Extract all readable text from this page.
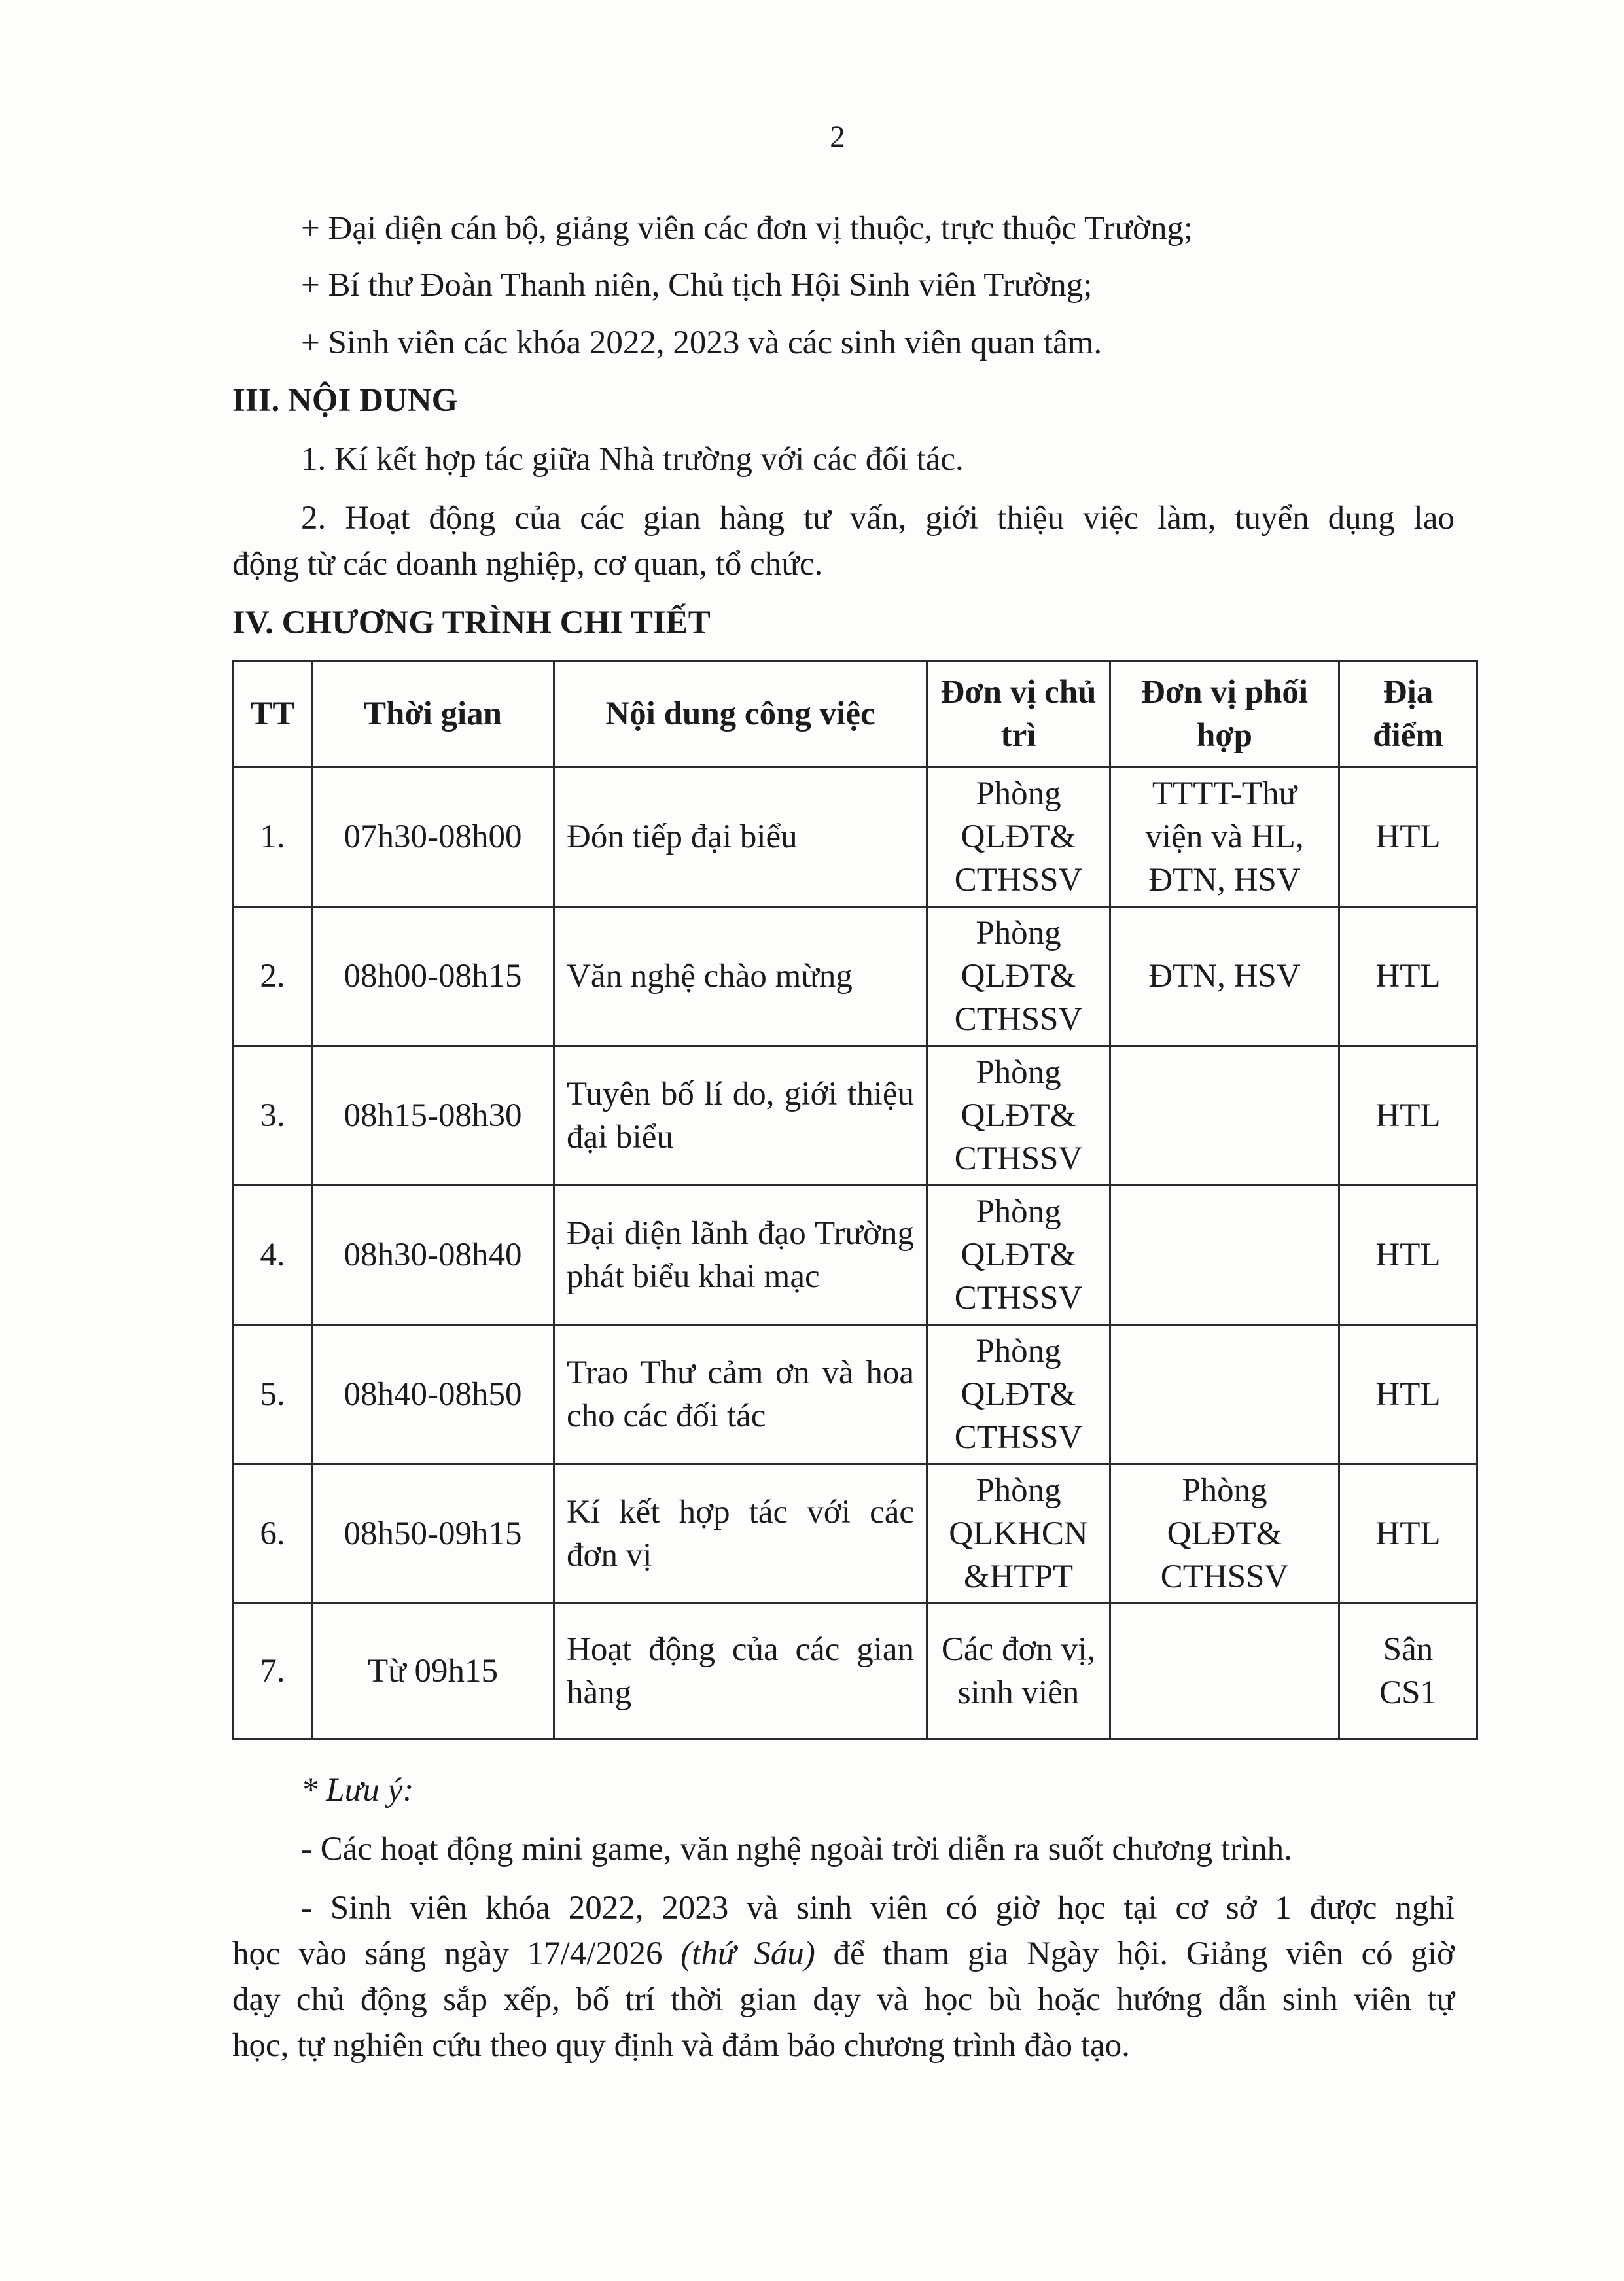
2
+ Đại diện cán bộ, giảng viên các đơn vị thuộc, trực thuộc Trường;
+ Bí thư Đoàn Thanh niên, Chủ tịch Hội Sinh viên Trường;
+ Sinh viên các khóa 2022, 2023 và các sinh viên quan tâm.
III. NỘI DUNG
1. Kí kết hợp tác giữa Nhà trường với các đối tác.
2. Hoạt động của các gian hàng tư vấn, giới thiệu việc làm, tuyển dụng lao
động từ các doanh nghiệp, cơ quan, tổ chức.
IV. CHƯƠNG TRÌNH CHI TIẾT
TT	Thời gian	Nội dung công việc	Đơn vị chủ trì	Đơn vị phối hợp	Địa điểm
1.	07h30-08h00	Đón tiếp đại biểu	Phòng QLĐT& CTHSSV	TTTT-Thư viện và HL, ĐTN, HSV	HTL
2.	08h00-08h15	Văn nghệ chào mừng	Phòng QLĐT& CTHSSV	ĐTN, HSV	HTL
3.	08h15-08h30	Tuyên bố lí do, giới thiệu đại biểu	Phòng QLĐT& CTHSSV		HTL
4.	08h30-08h40	Đại diện lãnh đạo Trường phát biểu khai mạc	Phòng QLĐT& CTHSSV		HTL
5.	08h40-08h50	Trao Thư cảm ơn và hoa cho các đối tác	Phòng QLĐT& CTHSSV		HTL
6.	08h50-09h15	Kí kết hợp tác với các đơn vị	Phòng QLKHCN &HTPT	Phòng QLĐT& CTHSSV	HTL
7.	Từ 09h15	Hoạt động của các gian hàng	Các đơn vị, sinh viên		Sân CS1
* Lưu ý:
- Các hoạt động mini game, văn nghệ ngoài trời diễn ra suốt chương trình.
- Sinh viên khóa 2022, 2023 và sinh viên có giờ học tại cơ sở 1 được nghỉ
học vào sáng ngày 17/4/2026 (thứ Sáu) để tham gia Ngày hội. Giảng viên có giờ
dạy chủ động sắp xếp, bố trí thời gian dạy và học bù hoặc hướng dẫn sinh viên tự
học, tự nghiên cứu theo quy định và đảm bảo chương trình đào tạo.
